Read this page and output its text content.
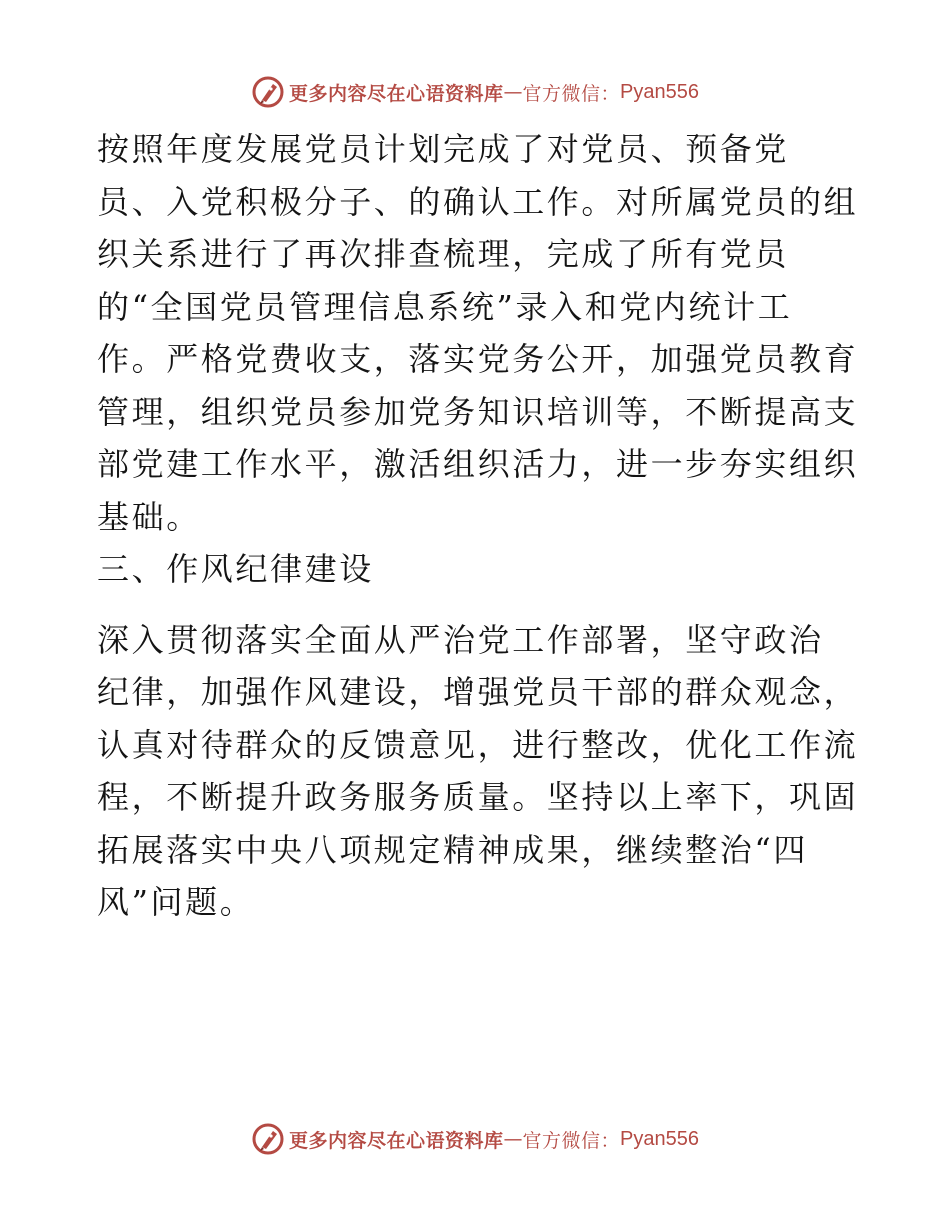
更多内容尽在心语资料库 — 官方微信： Pyan556

按照年度发展党员计划完成了对党员、预备党
员、入党积极分子、的确认工作。对所属党员的组
织关系进行了再次排查梳理，完成了所有党员
的“全国党员管理信息系统”录入和党内统计工
作。严格党费收支，落实党务公开，加强党员教育
管理，组织党员参加党务知识培训等，不断提高支
部党建工作水平，激活组织活力，进一步夯实组织
基础。

三、作风纪律建设

深入贯彻落实全面从严治党工作部署，坚守政治
纪律，加强作风建设，增强党员干部的群众观念，
认真对待群众的反馈意见，进行整改，优化工作流
程，不断提升政务服务质量。坚持以上率下，巩固
拓展落实中央八项规定精神成果，继续整治“四
风”问题。

更多内容尽在心语资料库 — 官方微信： Pyan556
